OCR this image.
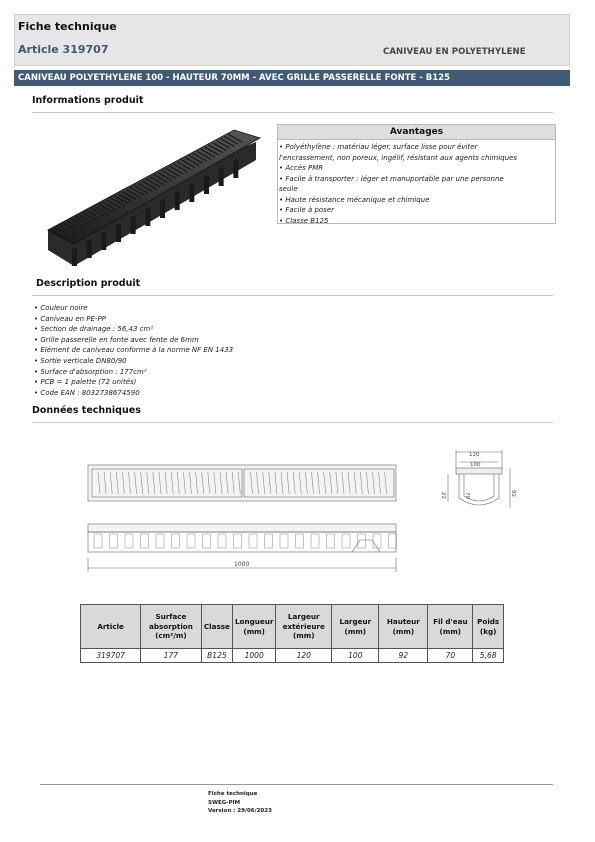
Fiche technique
Article 319707	CANIVEAU EN POLYETHYLENE
CANIVEAU POLYETHYLENE 100 - HAUTEUR 70MM - AVEC GRILLE PASSERELLE FONTE - B125
Informations produit
Avantages
• Polyéthylène : matériau léger, surface lisse pour éviter
l'encrassement, non poreux, ingélif, résistant aux agents chimiques
• Accès PMR
• Facile à transporter : léger et manuportable par une personne
seule
• Haute résistance mécanique et chimique
• Facile à poser
• Classe B125
Description produit
• Couleur noire
• Caniveau en PE-PP
• Section de drainage : 56,43 cm²
• Grille passerelle en fonte avec fente de 6mm
• Elément de caniveau conforme à la norme NF EN 1433
• Sortie verticale DN80/90
• Surface d'absorption : 177cm²
• PCB = 1 palette (72 unités)
• Code EAN : 8032738674590
Données techniques
1000
120
100
92
70
22
Article	Surface absorption (cm²/m)	Classe	Longueur (mm)	Largeur extérieure (mm)	Largeur (mm)	Hauteur (mm)	Fil d'eau (mm)	Poids (kg)
319707	177	B125	1000	120	100	92	70	5,68
Fiche technique
SWEG-PIM
Version : 29/06/2023
